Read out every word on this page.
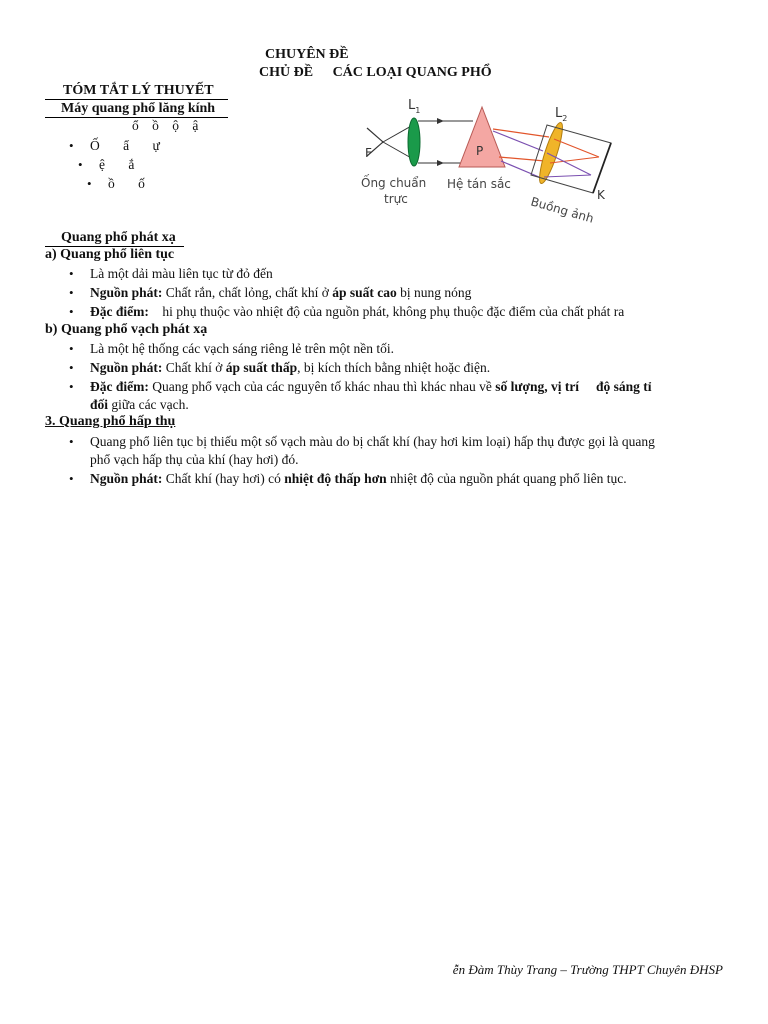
CHUYÊN ĐỀ
CHỦ ĐỀ CÁC LOẠI QUANG PHỔ
TÓM TẮT LÝ THUYẾT
Máy quang phổ lăng kính
ổ ồ ộ ậ
• Ố ẩ ự
• ệ ắ
• ồ ố
F
$L_1$
P
$L_2$
K
Ống chuẩn
trực
Hệ tán sắc
Buồng ảnh
Quang phổ phát xạ
a) Quang phổ liên tục
• Là một dải màu liên tục từ đỏ đến
• Nguồn phát: Chất rắn, chất lỏng, chất khí ở áp suất cao bị nung nóng
• Đặc điểm:    hi phụ thuộc vào nhiệt độ của nguồn phát, không phụ thuộc đặc điểm của chất phát ra
b) Quang phổ vạch phát xạ
• Là một hệ thống các vạch sáng riêng lẻ trên một nền tối.
• Nguồn phát: Chất khí ở áp suất thấp, bị kích thích bằng nhiệt hoặc điện.
• Đặc điểm: Quang phổ vạch của các nguyên tố khác nhau thì khác nhau về số lượng, vị trí độ sáng tỉ
đối giữa các vạch.
3. Quang phổ hấp thụ
• Quang phổ liên tục bị thiếu một số vạch màu do bị chất khí (hay hơi kim loại) hấp thụ được gọi là quang
phổ vạch hấp thụ của khí (hay hơi) đó.
• Nguồn phát: Chất khí (hay hơi) có nhiệt độ thấp hơn nhiệt độ của nguồn phát quang phổ liên tục.
ễn Đàm Thùy Trang – Trường THPT Chuyên ĐHSP
